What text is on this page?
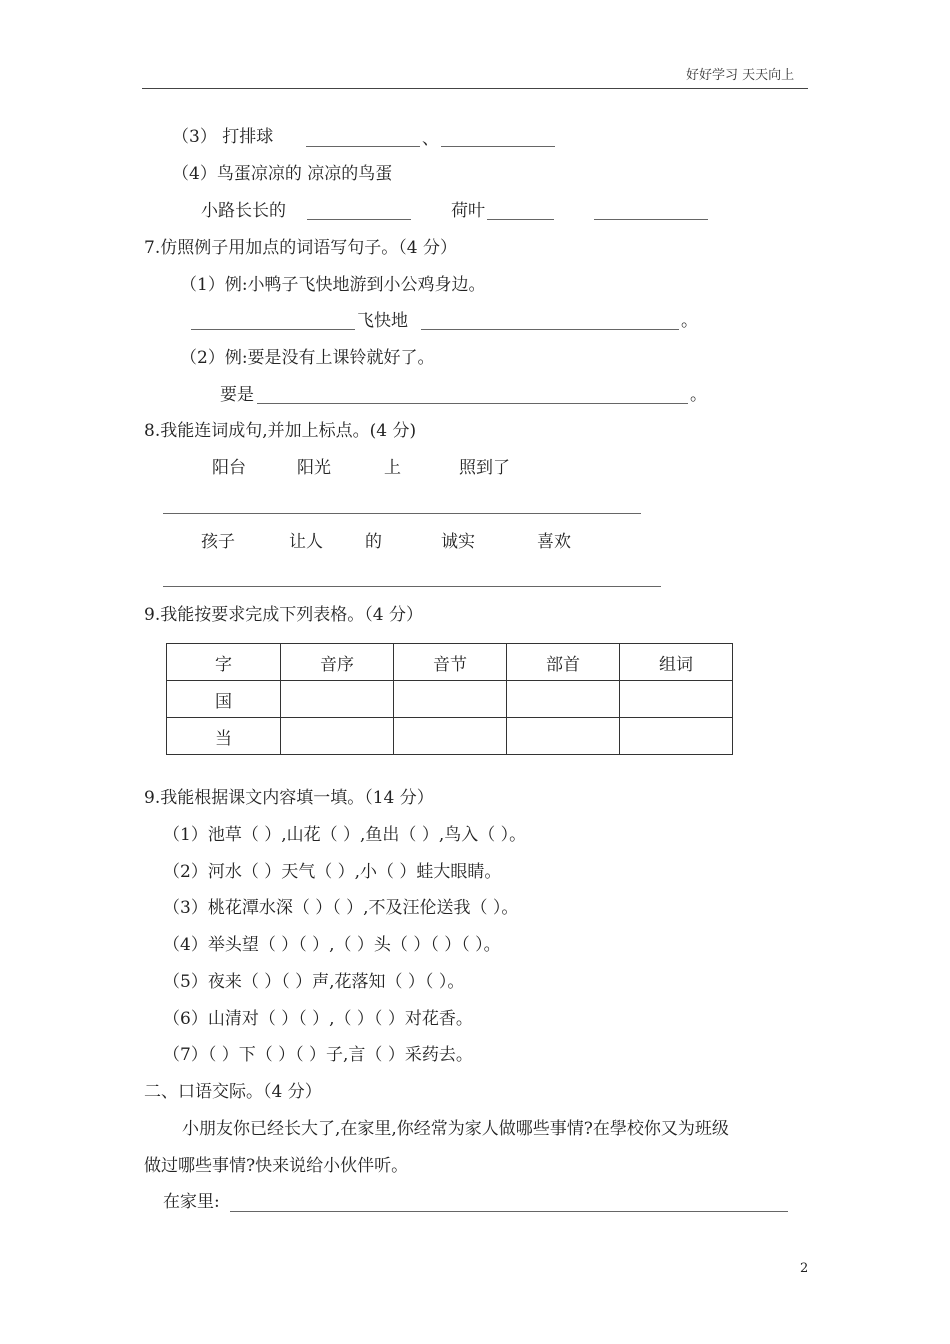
好好学习 天天向上
（3） 打排球	、
（4）鸟蛋凉凉的 凉凉的鸟蛋
小路长长的	荷叶
7.仿照例子用加点的词语写句子。（4 分）
（1）例:小鸭子飞快地游到小公鸡身边。
飞快地	。
（2）例:要是没有上课铃就好了。
要是	。
8.我能连词成句,并加上标点。(4 分)
阳台	阳光	上	照到了
孩子	让人 的	诚实	喜欢
9.我能按要求完成下列表格。（4 分）
字	音序	音节	部首	组词
国				
当				
9.我能根据课文内容填一填。（14 分）
（1）池草（ ）,山花（ ）,鱼出（ ）,鸟入（ ）。
（2）河水（ ）天气（ ）,小（ ）蛙大眼睛。
（3）桃花潭水深（ ）（ ）,不及汪伦送我（ ）。
（4）举头望（ ）（ ）,（ ）头（ ）（ ）（ ）。
（5）夜来（ ）（ ）声,花落知（ ）（ ）。
（6）山清对（ ）（ ）,（ ）（ ）对花香。
（7）（ ）下（ ）（ ）子,言（ ）采药去。
二、口语交际。（4 分）
小朋友你已经长大了,在家里,你经常为家人做哪些事情?在學校你又为班级
做过哪些事情?快来说给小伙伴听。
在家里:
2
